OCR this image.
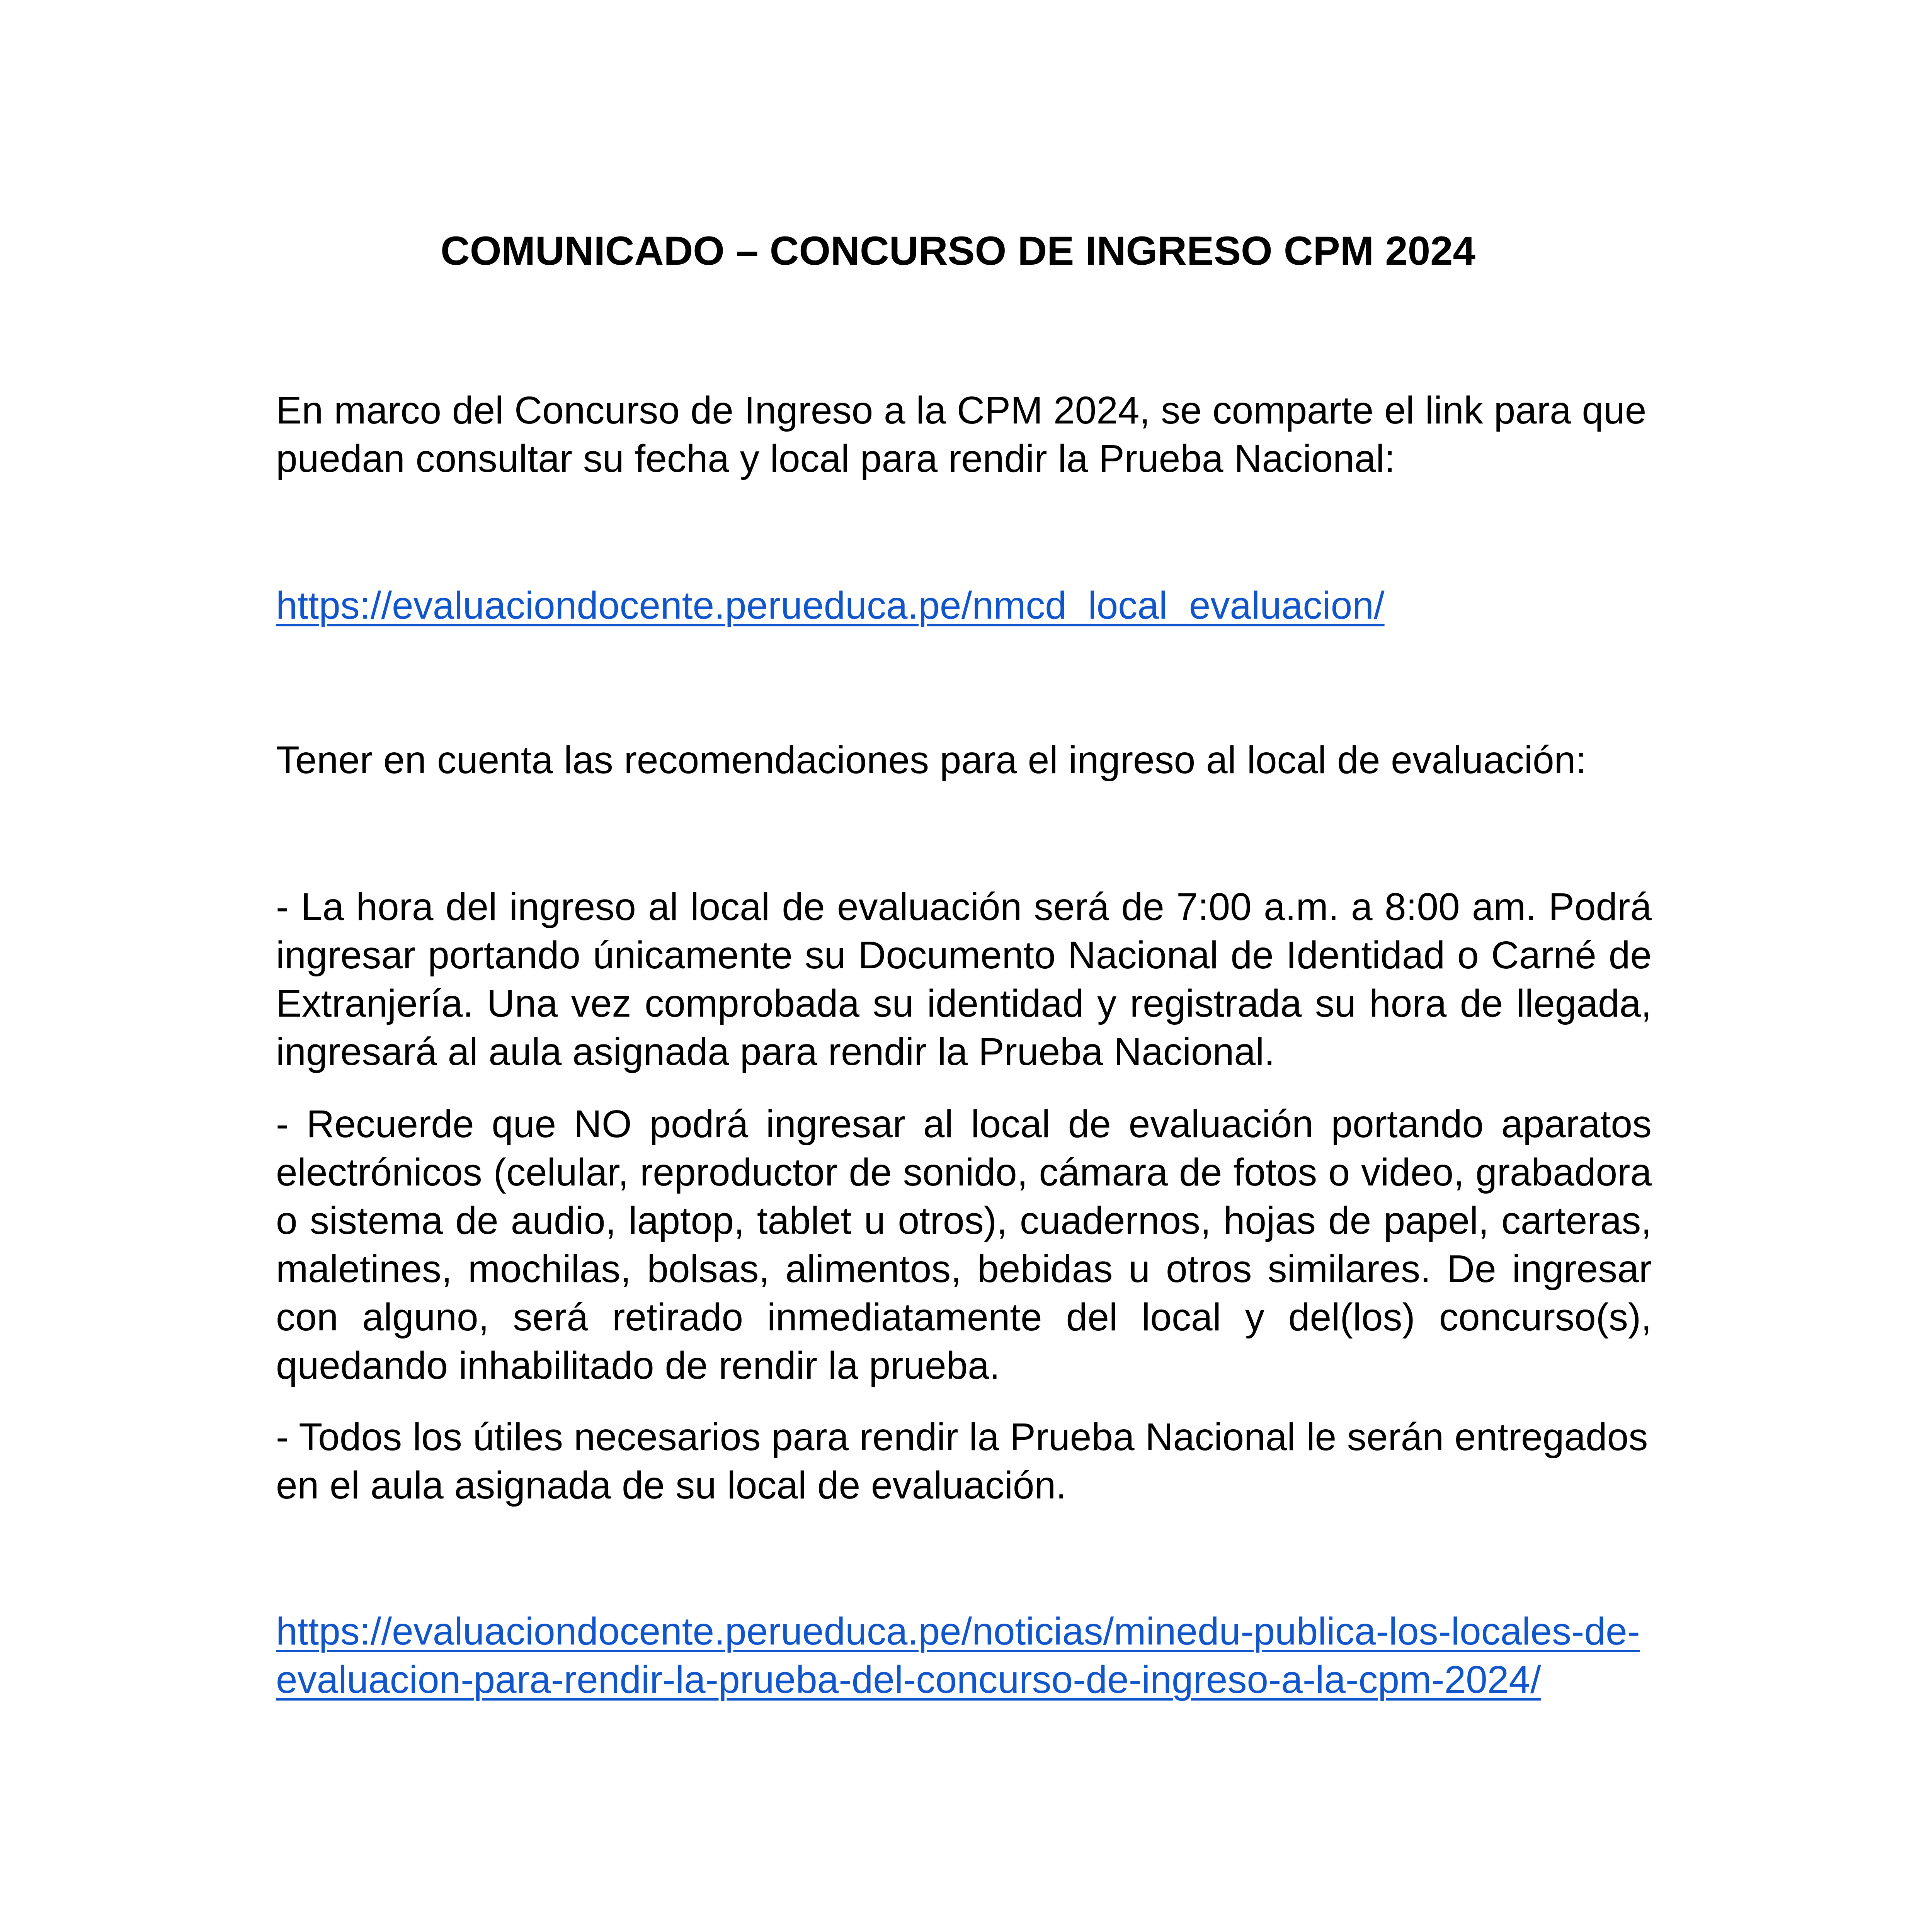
COMUNICADO – CONCURSO DE INGRESO CPM 2024

En marco del Concurso de Ingreso a la CPM 2024, se comparte el link para que puedan consultar su fecha y local para rendir la Prueba Nacional:

https://evaluaciondocente.perueduca.pe/nmcd_local_evaluacion/

Tener en cuenta las recomendaciones para el ingreso al local de evaluación:

- La hora del ingreso al local de evaluación será de 7:00 a.m. a 8:00 am. Podrá ingresar portando únicamente su Documento Nacional de Identidad o Carné de Extranjería. Una vez comprobada su identidad y registrada su hora de llegada, ingresará al aula asignada para rendir la Prueba Nacional.

- Recuerde que NO podrá ingresar al local de evaluación portando aparatos electrónicos (celular, reproductor de sonido, cámara de fotos o video, grabadora o sistema de audio, laptop, tablet u otros), cuadernos, hojas de papel, carteras, maletines, mochilas, bolsas, alimentos, bebidas u otros similares. De ingresar con alguno, será retirado inmediatamente del local y del(los) concurso(s), quedando inhabilitado de rendir la prueba.

- Todos los útiles necesarios para rendir la Prueba Nacional le serán entregados en el aula asignada de su local de evaluación.

https://evaluaciondocente.perueduca.pe/noticias/minedu-publica-los-locales-de-evaluacion-para-rendir-la-prueba-del-concurso-de-ingreso-a-la-cpm-2024/
